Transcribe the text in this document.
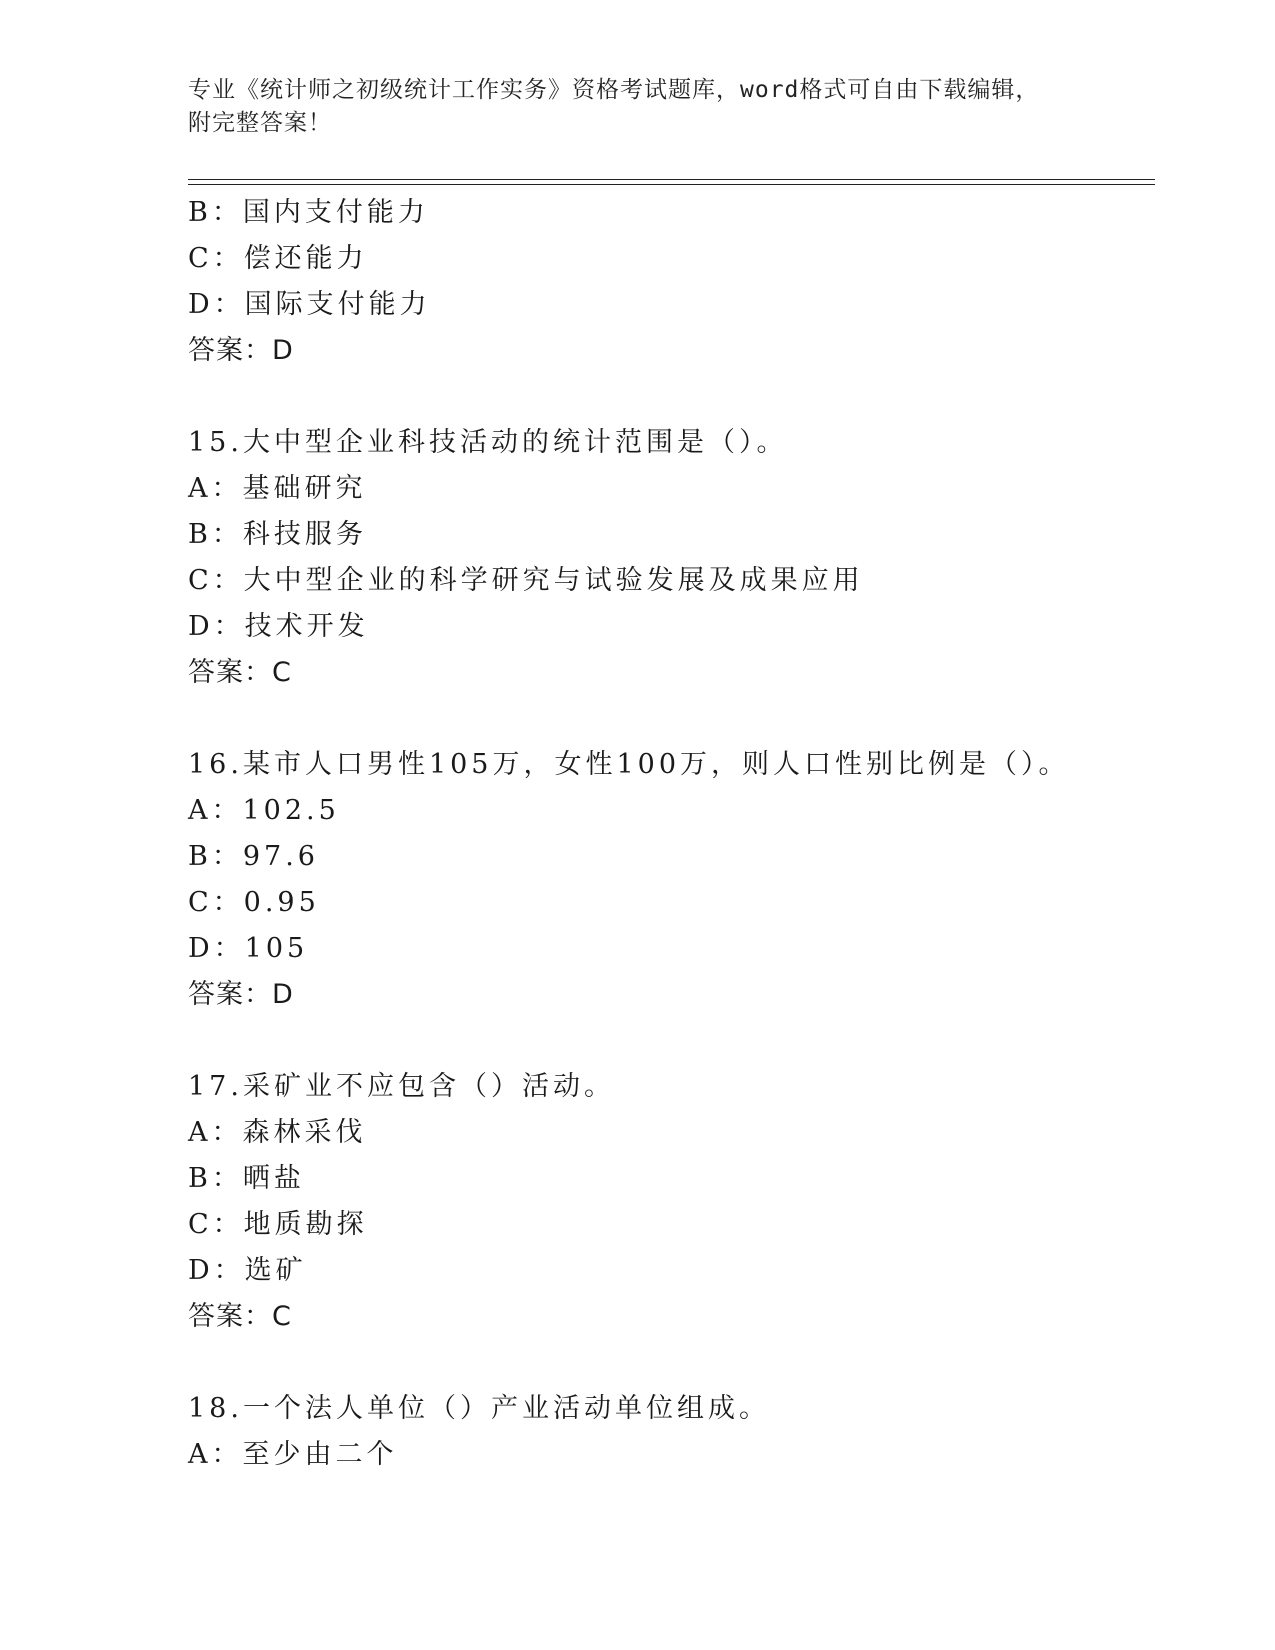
专业《统计师之初级统计工作实务》资格考试题库，word格式可自由下载编辑，
附完整答案！
B：国内支付能力
C：偿还能力
D：国际支付能力
答案：D
15.大中型企业科技活动的统计范围是（）。
A：基础研究
B：科技服务
C：大中型企业的科学研究与试验发展及成果应用
D：技术开发
答案：C
16.某市人口男性105万，女性100万，则人口性别比例是（）。
A：102.5
B：97.6
C：0.95
D：105
答案：D
17.采矿业不应包含（）活动。
A：森林采伐
B：晒盐
C：地质勘探
D：选矿
答案：C
18.一个法人单位（）产业活动单位组成。
A：至少由二个
